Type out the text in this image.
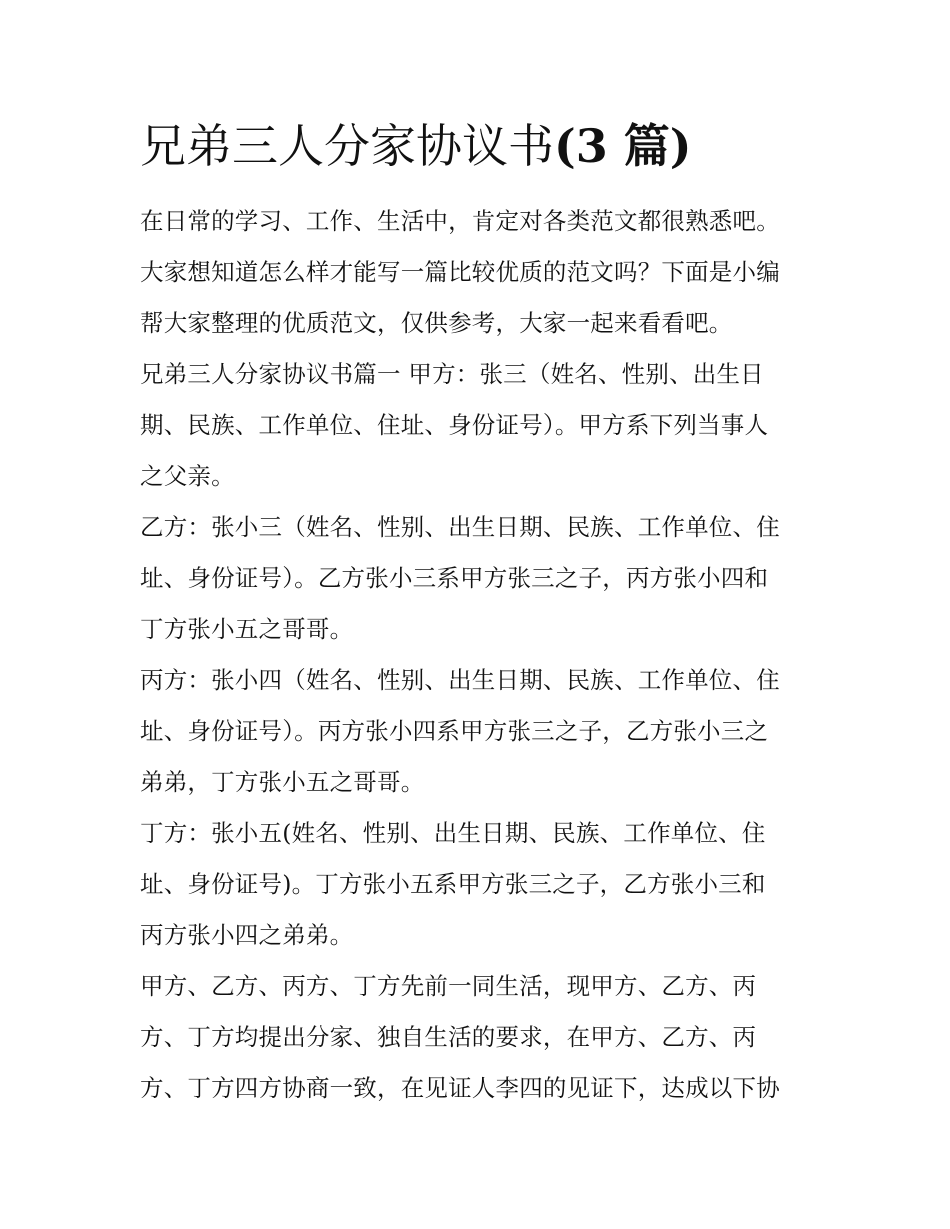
兄弟三人分家协议书(3 篇)

在日常的学习、工作、生活中，肯定对各类范文都很熟悉吧。
大家想知道怎么样才能写一篇比较优质的范文吗？下面是小编
帮大家整理的优质范文，仅供参考，大家一起来看看吧。

兄弟三人分家协议书篇一 甲方：张三（姓名、性别、出生日
期、民族、工作单位、住址、身份证号）。甲方系下列当事人
之父亲。

乙方：张小三（姓名、性别、出生日期、民族、工作单位、住
址、身份证号）。乙方张小三系甲方张三之子，丙方张小四和
丁方张小五之哥哥。

丙方：张小四（姓名、性别、出生日期、民族、工作单位、住
址、身份证号）。丙方张小四系甲方张三之子，乙方张小三之
弟弟，丁方张小五之哥哥。

丁方：张小五(姓名、性别、出生日期、民族、工作单位、住
址、身份证号)。丁方张小五系甲方张三之子，乙方张小三和
丙方张小四之弟弟。

甲方、乙方、丙方、丁方先前一同生活，现甲方、乙方、丙
方、丁方均提出分家、独自生活的要求，在甲方、乙方、丙
方、丁方四方协商一致，在见证人李四的见证下，达成以下协
